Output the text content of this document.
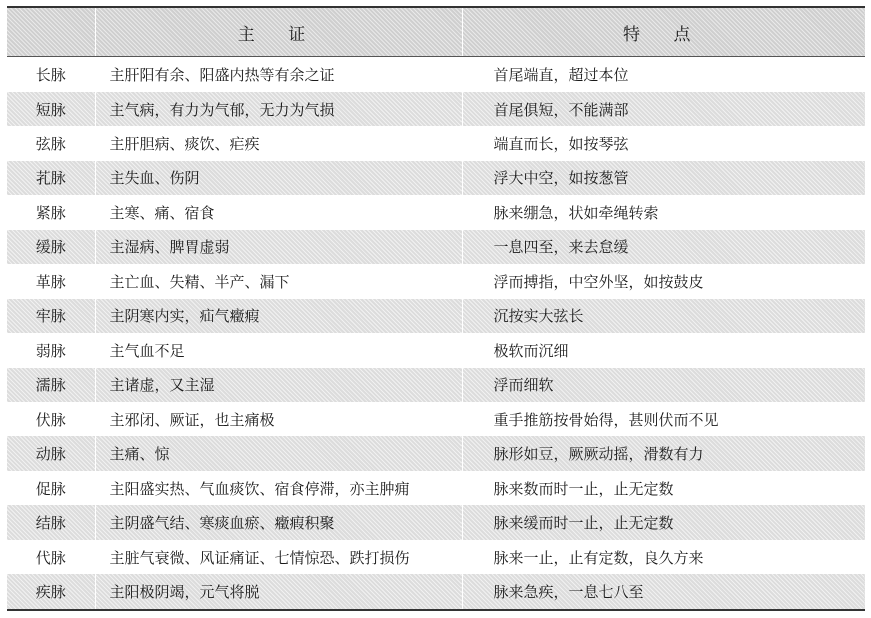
	主 证	特 点
长脉	主肝阳有余、阳盛内热等有余之证	首尾端直，超过本位
短脉	主气病，有力为气郁，无力为气损	首尾俱短，不能满部
弦脉	主肝胆病、痰饮、疟疾	端直而长，如按琴弦
芤脉	主失血、伤阴	浮大中空，如按葱管
紧脉	主寒、痛、宿食	脉来绷急，状如牵绳转索
缓脉	主湿病、脾胃虚弱	一息四至，来去怠缓
革脉	主亡血、失精、半产、漏下	浮而搏指，中空外坚，如按鼓皮
牢脉	主阴寒内实，疝气癥瘕	沉按实大弦长
弱脉	主气血不足	极软而沉细
濡脉	主诸虚，又主湿	浮而细软
伏脉	主邪闭、厥证，也主痛极	重手推筋按骨始得，甚则伏而不见
动脉	主痛、惊	脉形如豆，厥厥动摇，滑数有力
促脉	主阳盛实热、气血痰饮、宿食停滞，亦主肿痈	脉来数而时一止，止无定数
结脉	主阴盛气结、寒痰血瘀、癥瘕积聚	脉来缓而时一止，止无定数
代脉	主脏气衰微、风证痛证、七情惊恐、跌打损伤	脉来一止，止有定数，良久方来
疾脉	主阳极阴竭，元气将脱	脉来急疾，一息七八至
